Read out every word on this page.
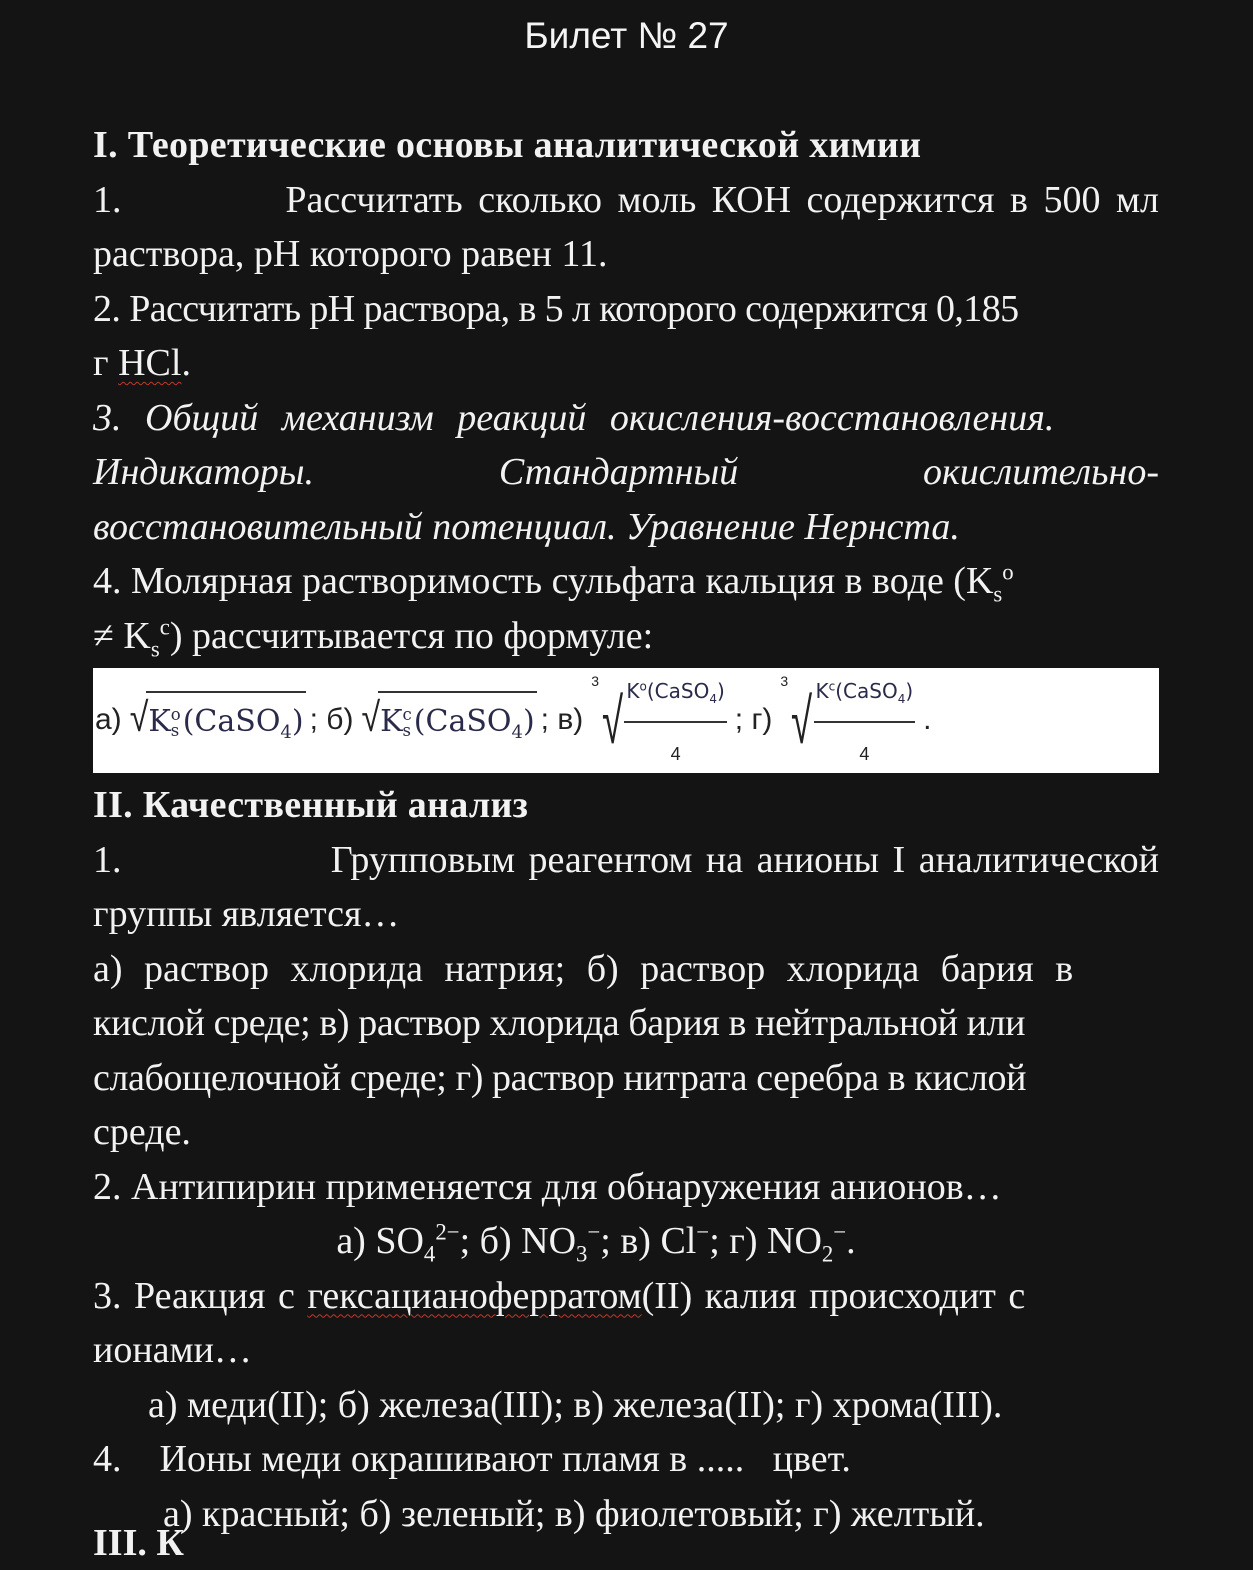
Билет № 27
I. Теоретические основы аналитической химии
1.	Рассчитать сколько моль КОН содержится в 500 мл
раствора, pH которого равен 11.
2. Рассчитать pH раствора, в 5 л которого содержится 0,185
г HCl.
3. Общий механизм реакций окисления-восстановления.
Индикаторы.	Стандартный	окислительно-
восстановительный потенциал. Уравнение Нернста.
4. Молярная растворимость сульфата кальция в воде ($K_s^o$
≠ $K_s^c$) рассчитывается по формуле:
а) √ K o
s (CaSO$_4$) ; б) √ K c
s (CaSO$_4$) ; в)
3
√
$\frac{K^o(CaSO_4)}{4}$ ; г)
3
√
$\frac{K^c(CaSO_4)}{4}$ .
II. Качественный анализ
1.	Групповым реагентом на анионы I аналитической
группы является…
а) раствор хлорида натрия; б) раствор хлорида бария в
кислой среде; в) раствор хлорида бария в нейтральной или
слабощелочной среде; г) раствор нитрата серебра в кислой
среде.
2. Антипирин применяется для обнаружения анионов…
а) $SO_4^{2-}$; б) $NO_3^-$; в) Cl−; г) $NO_2^-$.
3. Реакция с гексацианоферратом(II) калия происходит с
ионами…
а) меди(II); б) железа(III); в) железа(II); г) хрома(III).
4.    Ионы меди окрашивают пламя в .....   цвет.
а) красный; б) зеленый; в) фиолетовый; г) желтый.
III. К
